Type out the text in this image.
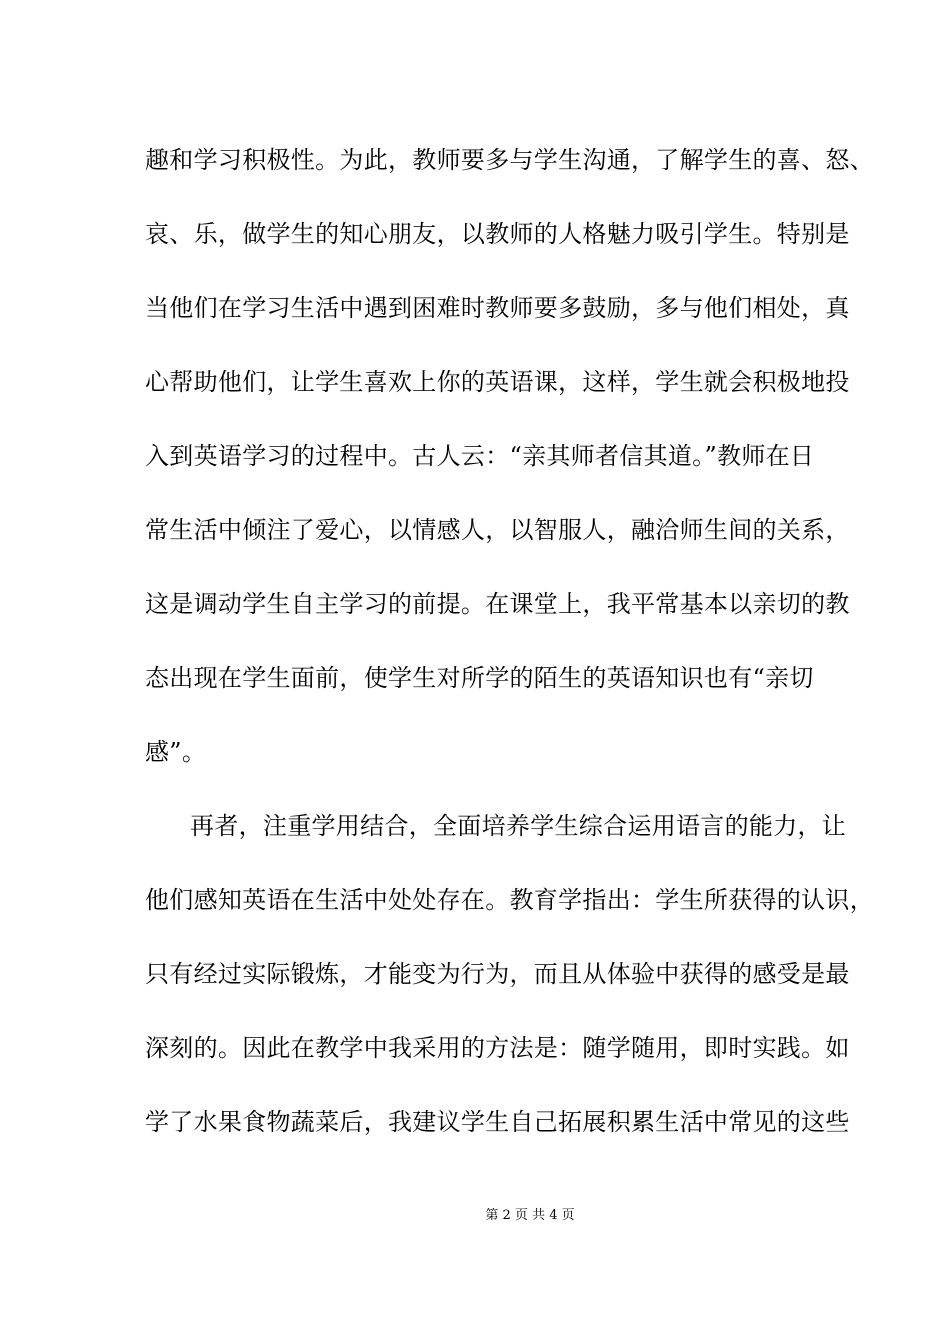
趣和学习积极性。为此，教师要多与学生沟通，了解学生的喜、怒、
哀、乐，做学生的知心朋友，以教师的人格魅力吸引学生。特别是
当他们在学习生活中遇到困难时教师要多鼓励，多与他们相处，真
心帮助他们，让学生喜欢上你的英语课，这样，学生就会积极地投
入到英语学习的过程中。古人云：“亲其师者信其道。”教师在日
常生活中倾注了爱心，以情感人，以智服人，融洽师生间的关系，
这是调动学生自主学习的前提。在课堂上，我平常基本以亲切的教
态出现在学生面前，使学生对所学的陌生的英语知识也有“亲切
感”。
再者，注重学用结合，全面培养学生综合运用语言的能力，让
他们感知英语在生活中处处存在。教育学指出：学生所获得的认识，
只有经过实际锻炼，才能变为行为，而且从体验中获得的感受是最
深刻的。因此在教学中我采用的方法是：随学随用，即时实践。如
学了水果食物蔬菜后，我建议学生自己拓展积累生活中常见的这些
第 2 页 共 4 页
